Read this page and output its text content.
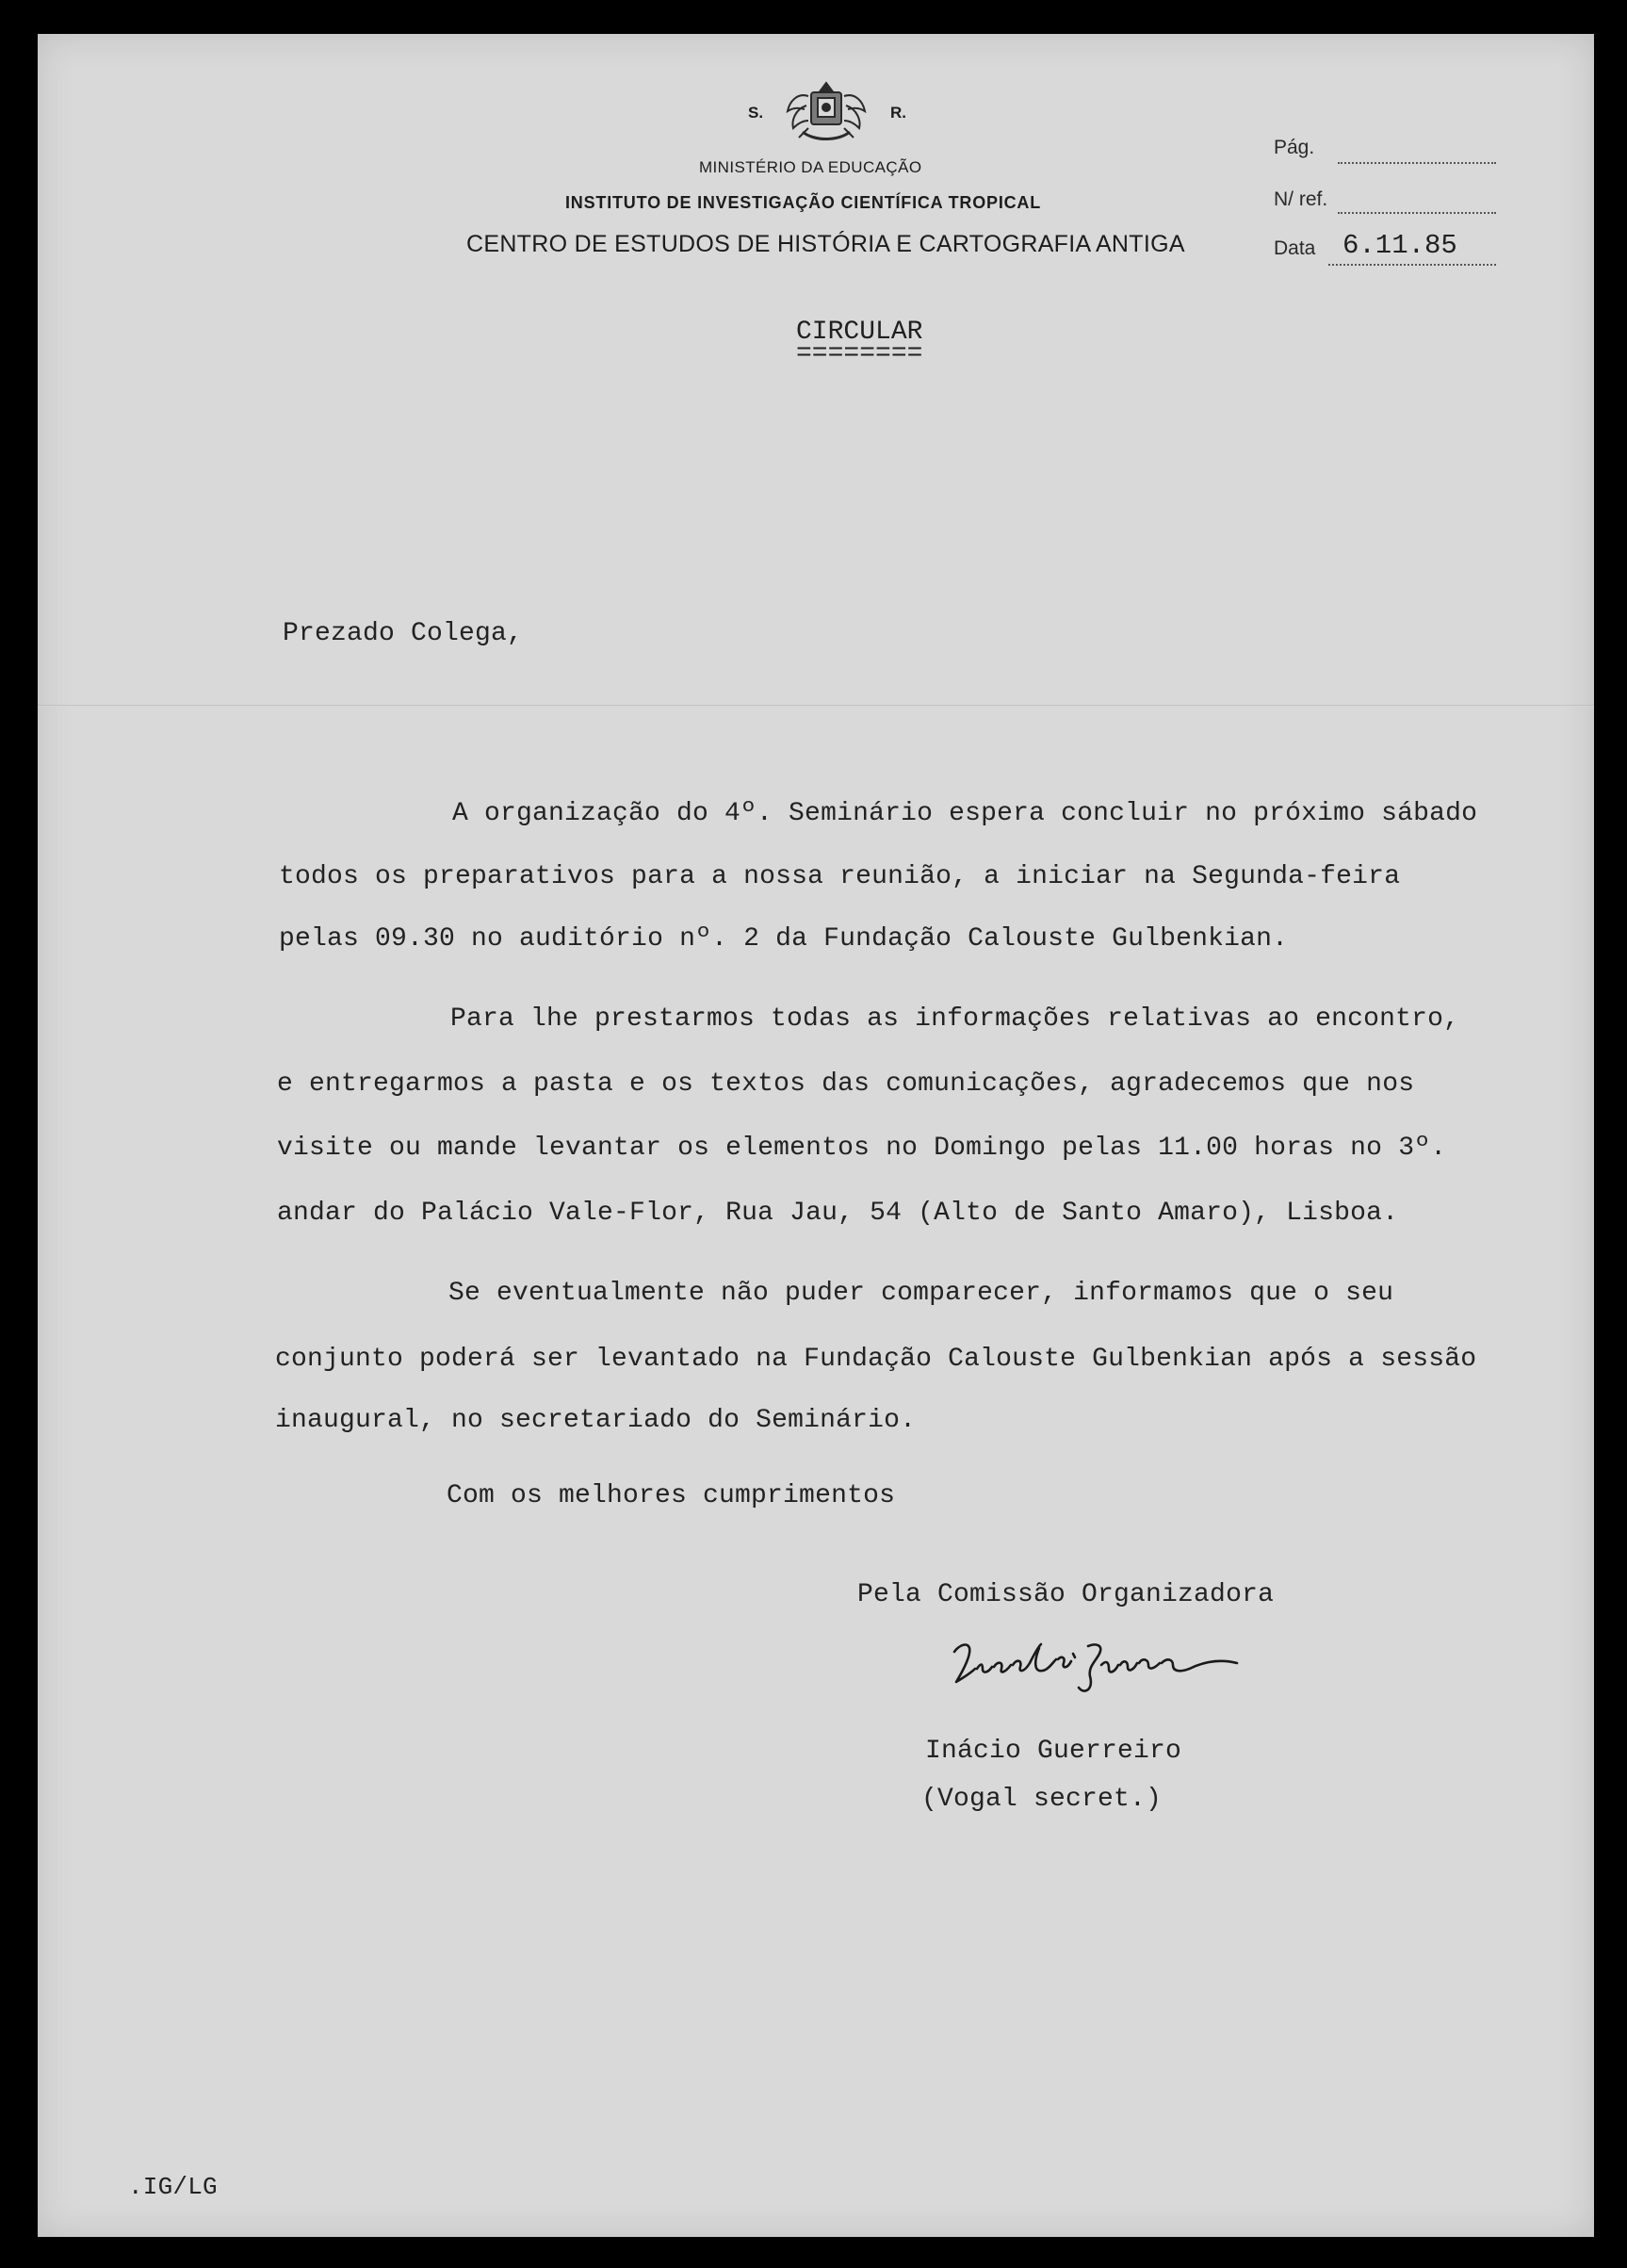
S.	R.
MINISTÉRIO DA EDUCAÇÃO
INSTITUTO DE INVESTIGAÇÃO CIENTÍFICA TROPICAL
CENTRO DE ESTUDOS DE HISTÓRIA E CARTOGRAFIA ANTIGA
Pág.
N/ ref.
Data 6.11.85
CIRCULAR
========
Prezado Colega,
A organização do 4º. Seminário espera concluir no próximo sábado
todos os preparativos para a nossa reunião, a iniciar na Segunda-feira
pelas 09.30 no auditório nº. 2 da Fundação Calouste Gulbenkian.
Para lhe prestarmos todas as informações relativas ao encontro,
e entregarmos a pasta e os textos das comunicações, agradecemos que nos
visite ou mande levantar os elementos no Domingo pelas 11.00 horas no 3º.
andar do Palácio Vale-Flor, Rua Jau, 54 (Alto de Santo Amaro), Lisboa.
Se eventualmente não puder comparecer, informamos que o seu
conjunto poderá ser levantado na Fundação Calouste Gulbenkian após a sessão
inaugural, no secretariado do Seminário.
Com os melhores cumprimentos
Pela Comissão Organizadora
Inácio Guerreiro
(Vogal secret.)
.IG/LG
